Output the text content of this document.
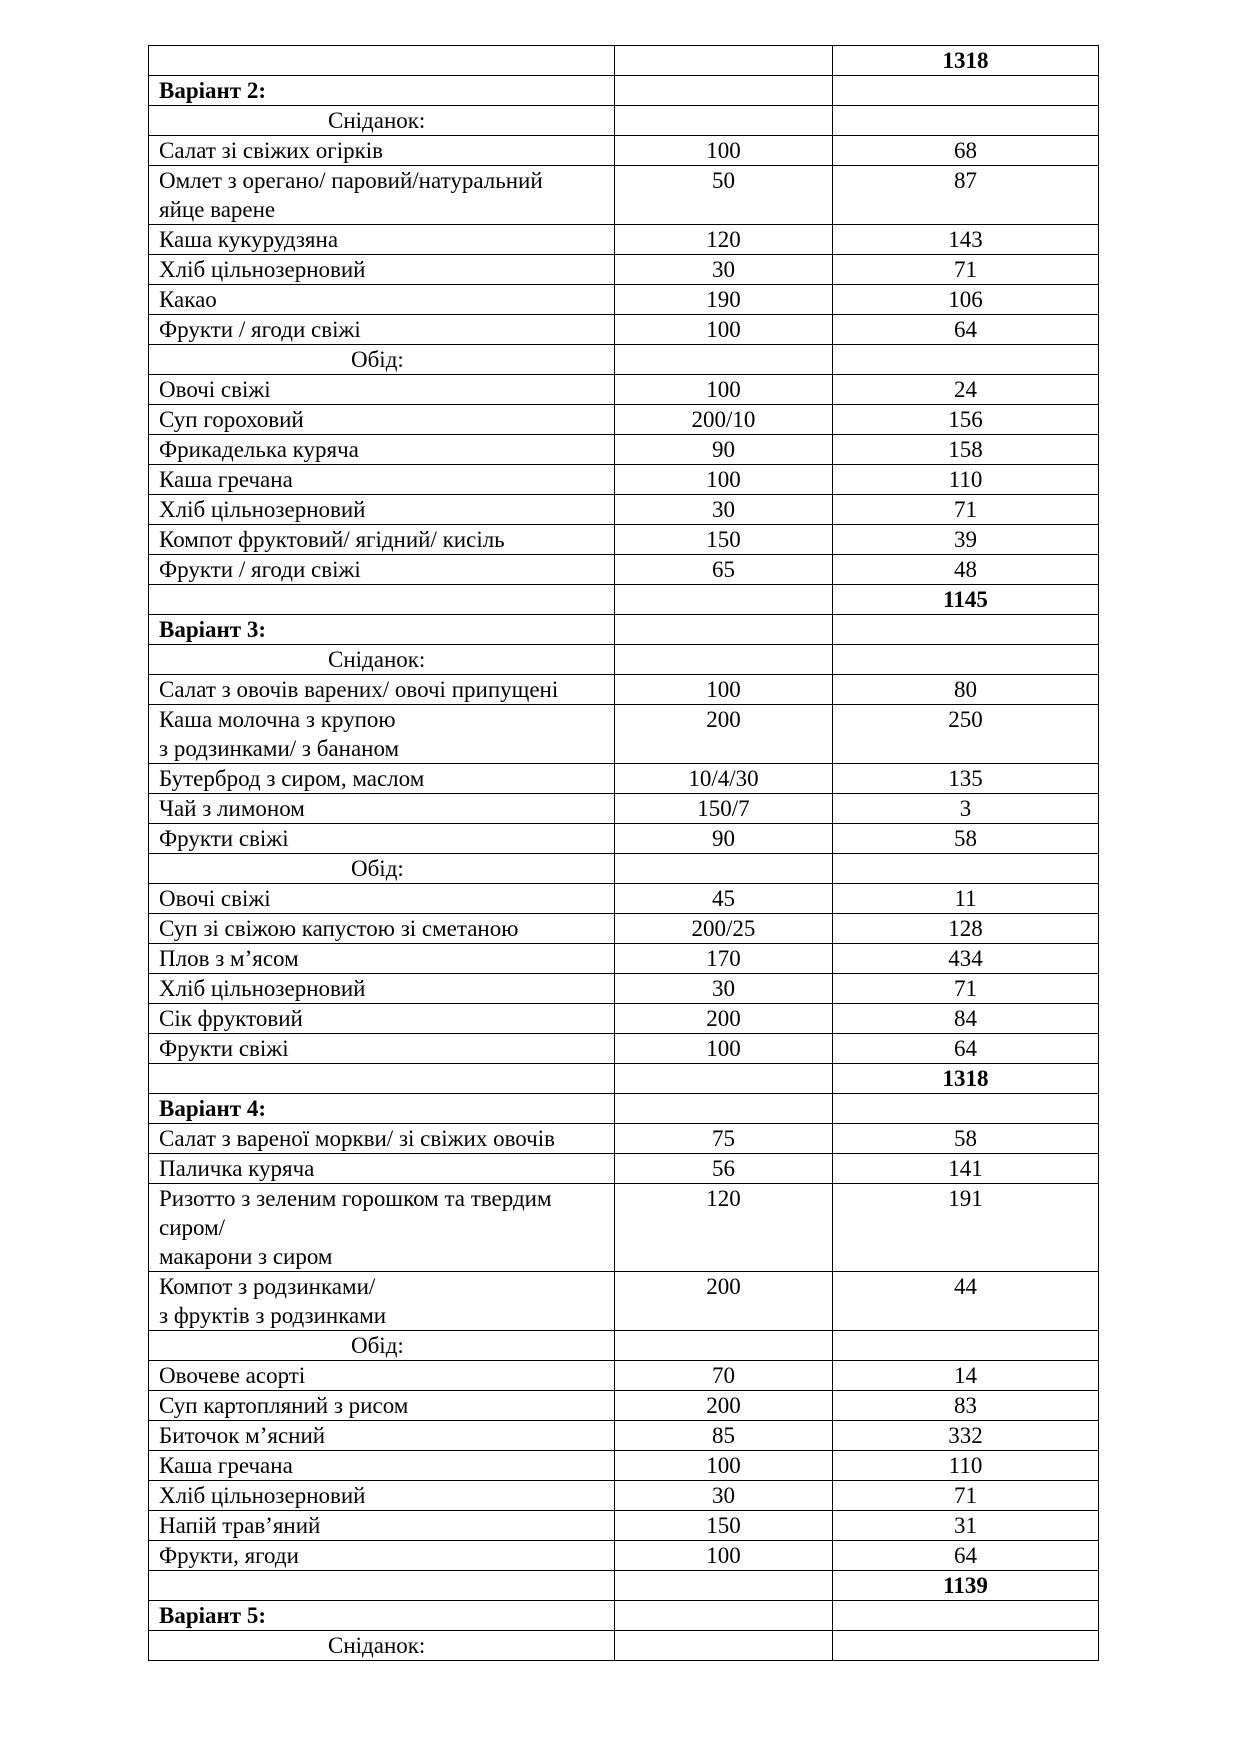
		1318
Варіант 2:		

Сніданок:		

Салат зі свіжих огірків	100	68
Омлет з орегано/ паровий/натуральний
яйце варене	50	87
Каша кукурудзяна	120	143
Хліб цільнозерновий	30	71
Какао	190	106
Фрукти / ягоди свіжі	100	64

Обід:		

Овочі свіжі	100	24
Суп гороховий	200/10	156
Фрикаделька куряча	90	158
Каша гречана	100	110
Хліб цільнозерновий	30	71
Компот фруктовий/ ягідний/ кисіль	150	39
Фрукти / ягоди свіжі	65	48
		1145
Варіант 3:		

Сніданок:		

Салат з овочів варених/ овочі припущені	100	80
Каша молочна з крупою
з родзинками/ з бананом	200	250
Бутерброд з сиром, маслом	10/4/30	135
Чай з лимоном	150/7	3
Фрукти свіжі	90	58

Обід:		

Овочі свіжі	45	11
Суп зі свіжою капустою зі сметаною	200/25	128
Плов з м’ясом	170	434
Хліб цільнозерновий	30	71
Сік фруктовий	200	84
Фрукти свіжі	100	64
		1318
Варіант 4:		
Салат з вареної моркви/ зі свіжих овочів	75	58
Паличка куряча	56	141
Ризотто з зеленим горошком та твердим
сиром/
макарони з сиром	120	191
Компот з родзинками/
з фруктів з родзинками	200	44

Обід:		

Овочеве асорті	70	14
Суп картопляний з рисом	200	83
Биточок м’ясний	85	332
Каша гречана	100	110
Хліб цільнозерновий	30	71
Напій трав’яний	150	31
Фрукти, ягоди	100	64
		1139
Варіант 5:		

Сніданок:		
